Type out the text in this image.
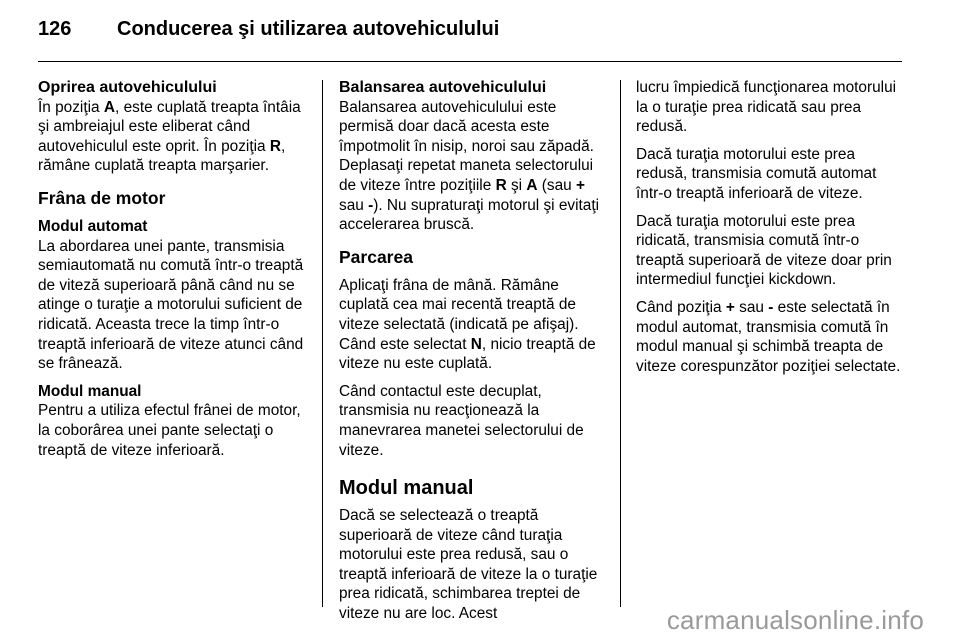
126 Conducerea şi utilizarea autovehiculului
Oprirea autovehiculului
În poziţia A, este cuplată treapta întâia şi ambreiajul este eliberat când autovehiculul este oprit. În poziţia R, rămâne cuplată treapta marşarier.
Frâna de motor
Modul automat
La abordarea unei pante, transmisia semiautomată nu comută într-o treaptă de viteză superioară până când nu se atinge o turaţie a motorului suficient de ridicată. Aceasta trece la timp într-o treaptă inferioară de viteze atunci când se frânează.
Modul manual
Pentru a utiliza efectul frânei de motor, la coborârea unei pante selectaţi o treaptă de viteze inferioară.
Balansarea autovehiculului
Balansarea autovehiculului este permisă doar dacă acesta este împotmolit în nisip, noroi sau zăpadă. Deplasaţi repetat maneta selectorului de viteze între poziţiile R şi A (sau + sau -). Nu supraturaţi motorul şi evitaţi accelerarea bruscă.
Parcarea
Aplicaţi frâna de mână. Rămâne cuplată cea mai recentă treaptă de viteze selectată (indicată pe afişaj). Când este selectat N, nicio treaptă de viteze nu este cuplată.
Când contactul este decuplat, transmisia nu reacţionează la manevrarea manetei selectorului de viteze.
Modul manual
Dacă se selectează o treaptă superioară de viteze când turaţia motorului este prea redusă, sau o treaptă inferioară de viteze la o turaţie prea ridicată, schimbarea treptei de viteze nu are loc. Acest
lucru împiedică funcţionarea motorului la o turaţie prea ridicată sau prea redusă.
Dacă turaţia motorului este prea redusă, transmisia comută automat într-o treaptă inferioară de viteze.
Dacă turaţia motorului este prea ridicată, transmisia comută într-o treaptă superioară de viteze doar prin intermediul funcţiei kickdown.
Când poziţia + sau - este selectată în modul automat, transmisia comută în modul manual şi schimbă treapta de viteze corespunzător poziţiei selectate.
carmanualsonline.info
